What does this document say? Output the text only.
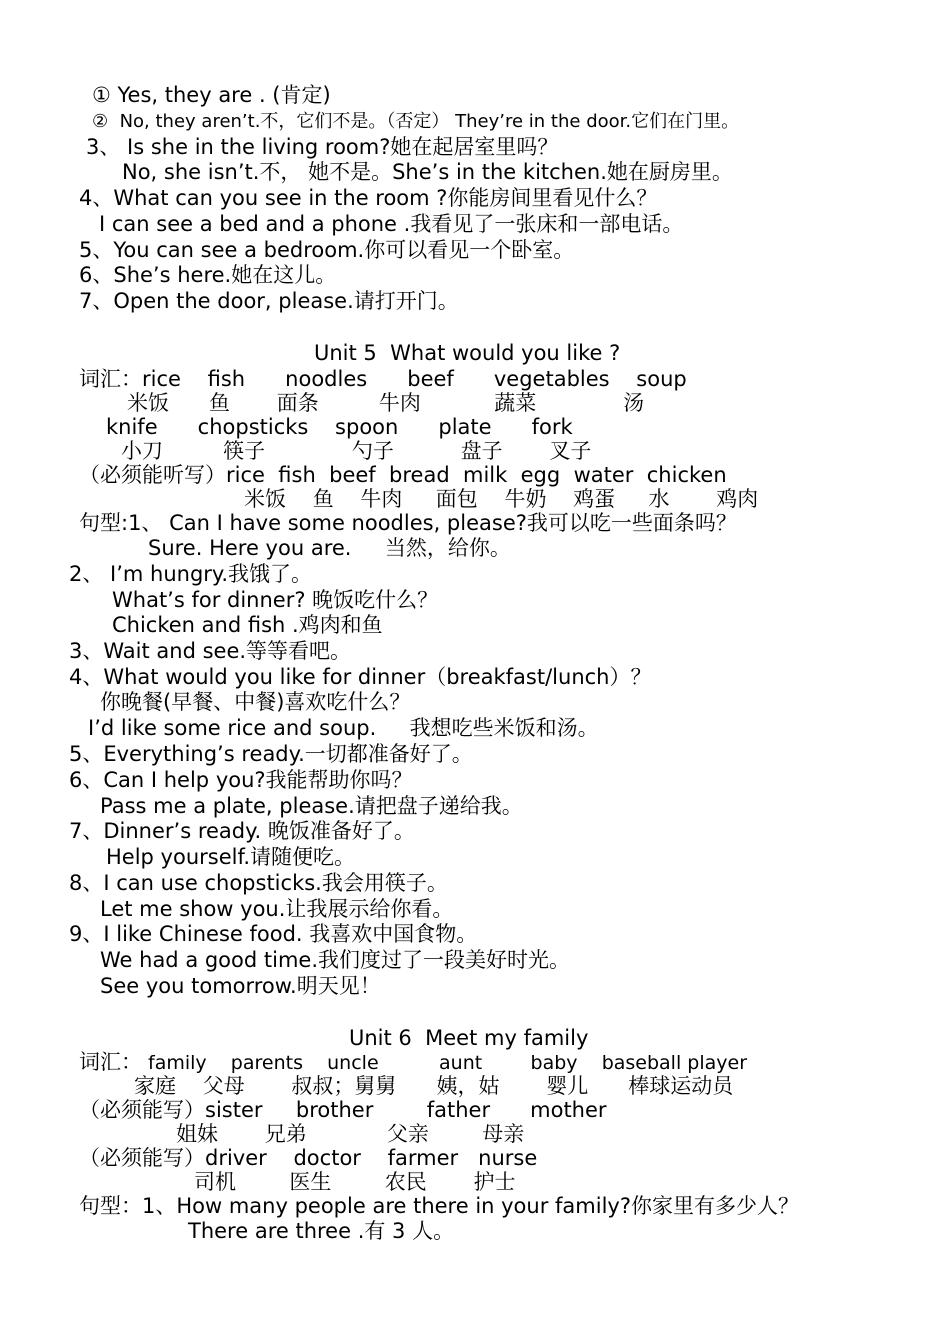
① Yes, they are . (肯定)
②  No, they aren’t.不，它们不是。（否定） They’re in the door.它们在门里。
3、 Is she in the living room?她在起居室里吗？
No, she isn’t.不， 她不是。She’s in the kitchen.她在厨房里。
4、What can you see in the room ?你能房间里看见什么？
I can see a bed and a phone .我看见了一张床和一部电话。
5、You can see a bedroom.你可以看见一个卧室。
6、She’s here.她在这儿。
7、Open the door, please.请打开门。
Unit 5  What would you like ?
词汇：rice    fish      noodles      beef      vegetables    soup
米饭      鱼       面条         牛肉           蔬菜             汤
knife      chopsticks    spoon      plate      fork
小刀         筷子             勺子          盘子       叉子
（必须能听写）rice  fish  beef  bread  milk  egg  water  chicken
米饭    鱼    牛肉     面包    牛奶    鸡蛋     水       鸡肉
句型:1、 Can I have some noodles, please?我可以吃一些面条吗？
Sure. Here you are.     当然，给你。
2、 I’m hungry.我饿了。
What’s for dinner? 晚饭吃什么？
Chicken and fish .鸡肉和鱼
3、Wait and see.等等看吧。
4、What would you like for dinner（breakfast/lunch）？
你晚餐(早餐、中餐)喜欢吃什么？
I’d like some rice and soup.     我想吃些米饭和汤。
5、Everything’s ready.一切都准备好了。
6、Can I help you?我能帮助你吗？
Pass me a plate, please.请把盘子递给我。
7、Dinner’s ready. 晚饭准备好了。
Help yourself.请随便吃。
8、I can use chopsticks.我会用筷子。
Let me show you.让我展示给你看。
9、I like Chinese food. 我喜欢中国食物。
We had a good time.我们度过了一段美好时光。
See you tomorrow.明天见！
Unit 6  Meet my family
词汇： family    parents    uncle          aunt        baby    baseball player
家庭    父母       叔叔；舅舅      姨，姑       婴儿      棒球运动员
（必须能写）sister     brother        father      mother
姐妹       兄弟            父亲        母亲
（必须能写）driver    doctor    farmer   nurse
司机        医生        农民       护士
句型：1、How many people are there in your family?你家里有多少人？
There are three .有 3 人。
